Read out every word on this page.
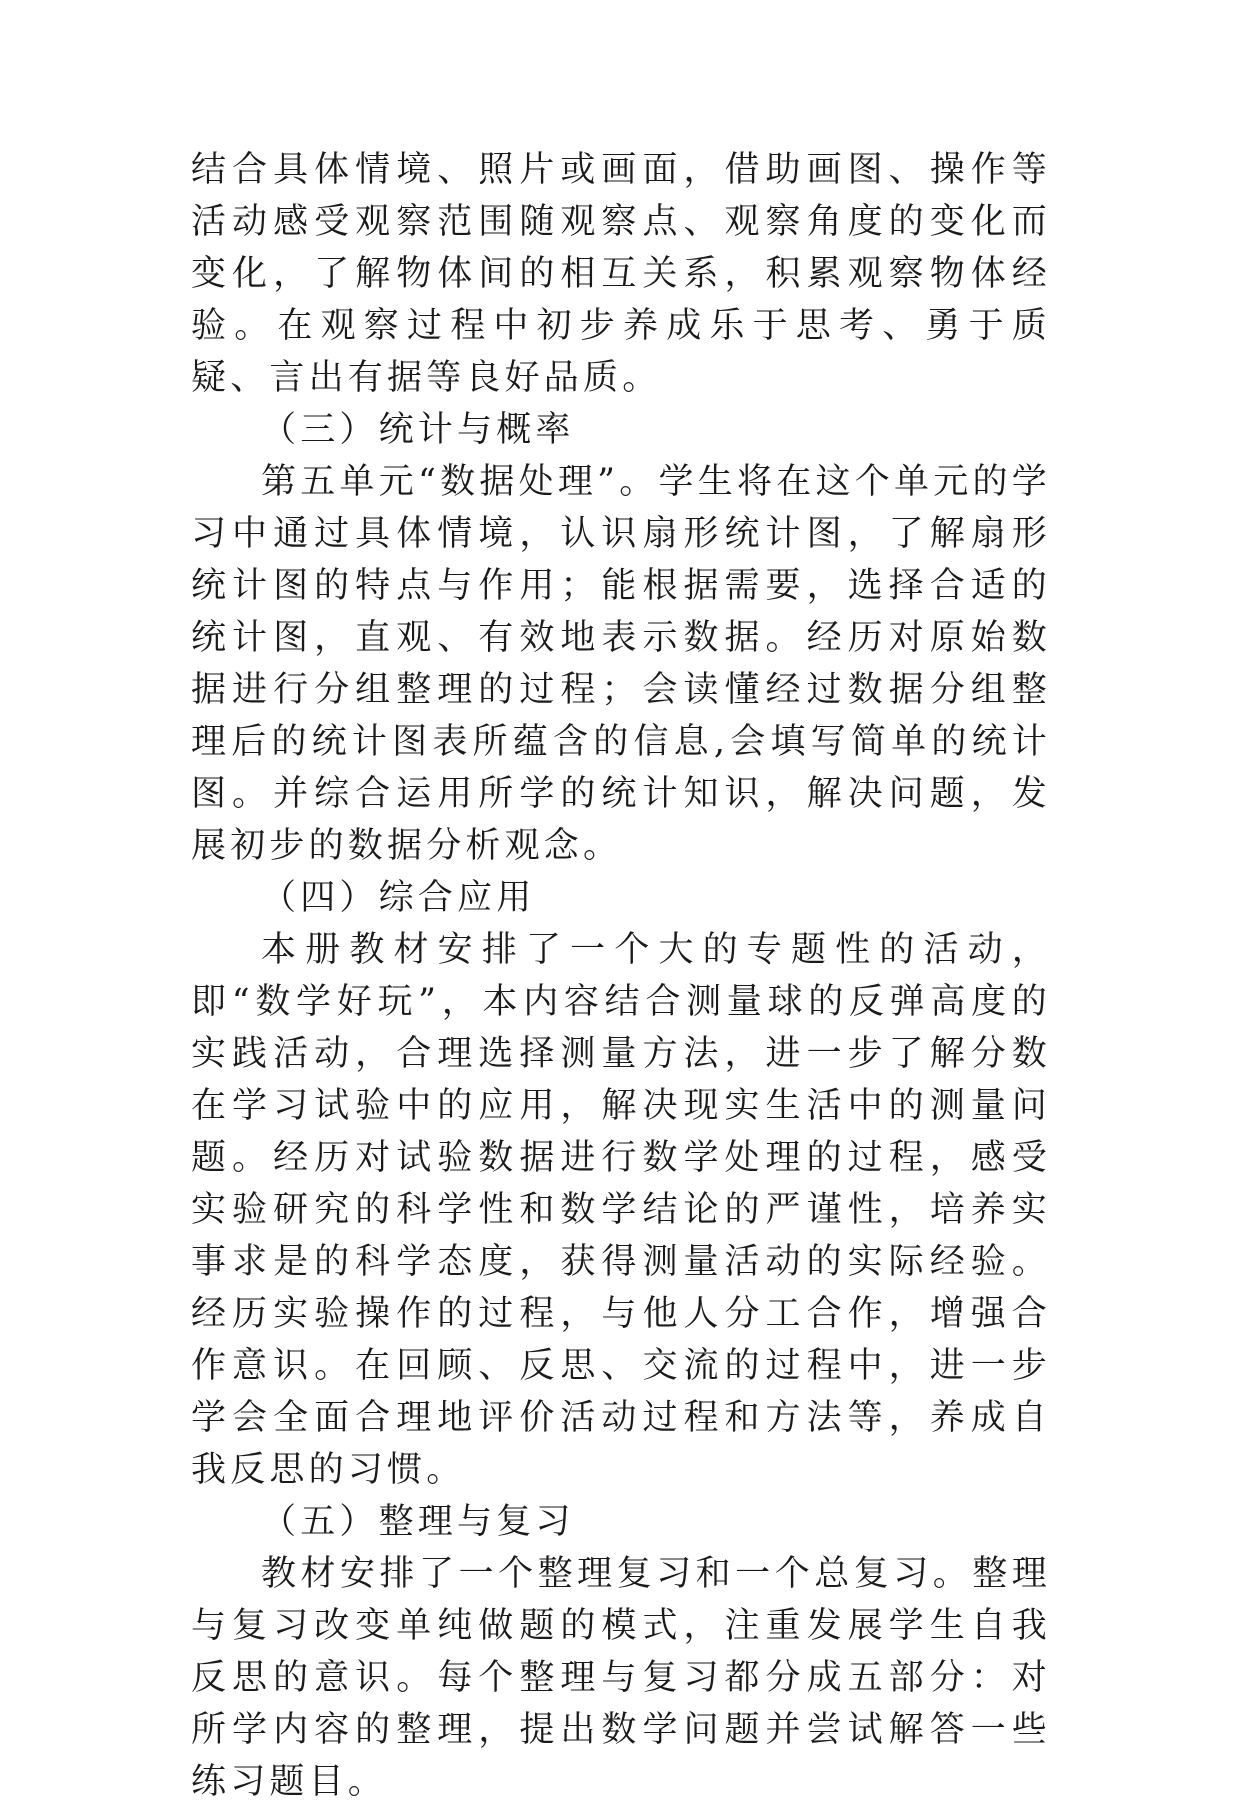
结合具体情境、照片或画面，借助画图、操作等活动感受观察范围随观察点、观察角度的变化而变化，了解物体间的相互关系，积累观察物体经验。在观察过程中初步养成乐于思考、勇于质疑、言出有据等良好品质。

（三）统计与概率

第五单元“数据处理”。学生将在这个单元的学习中通过具体情境，认识扇形统计图，了解扇形统计图的特点与作用；能根据需要，选择合适的统计图，直观、有效地表示数据。经历对原始数据进行分组整理的过程；会读懂经过数据分组整理后的统计图表所蕴含的信息,会填写简单的统计图。并综合运用所学的统计知识，解决问题，发展初步的数据分析观念。

（四）综合应用

本册教材安排了一个大的专题性的活动，即“数学好玩”，本内容结合测量球的反弹高度的实践活动，合理选择测量方法，进一步了解分数在学习试验中的应用，解决现实生活中的测量问题。经历对试验数据进行数学处理的过程，感受实验研究的科学性和数学结论的严谨性，培养实事求是的科学态度，获得测量活动的实际经验。经历实验操作的过程，与他人分工合作，增强合作意识。在回顾、反思、交流的过程中，进一步学会全面合理地评价活动过程和方法等，养成自我反思的习惯。

（五）整理与复习

教材安排了一个整理复习和一个总复习。整理与复习改变单纯做题的模式，注重发展学生自我反思的意识。每个整理与复习都分成五部分：对所学内容的整理，提出数学问题并尝试解答一些练习题目。
